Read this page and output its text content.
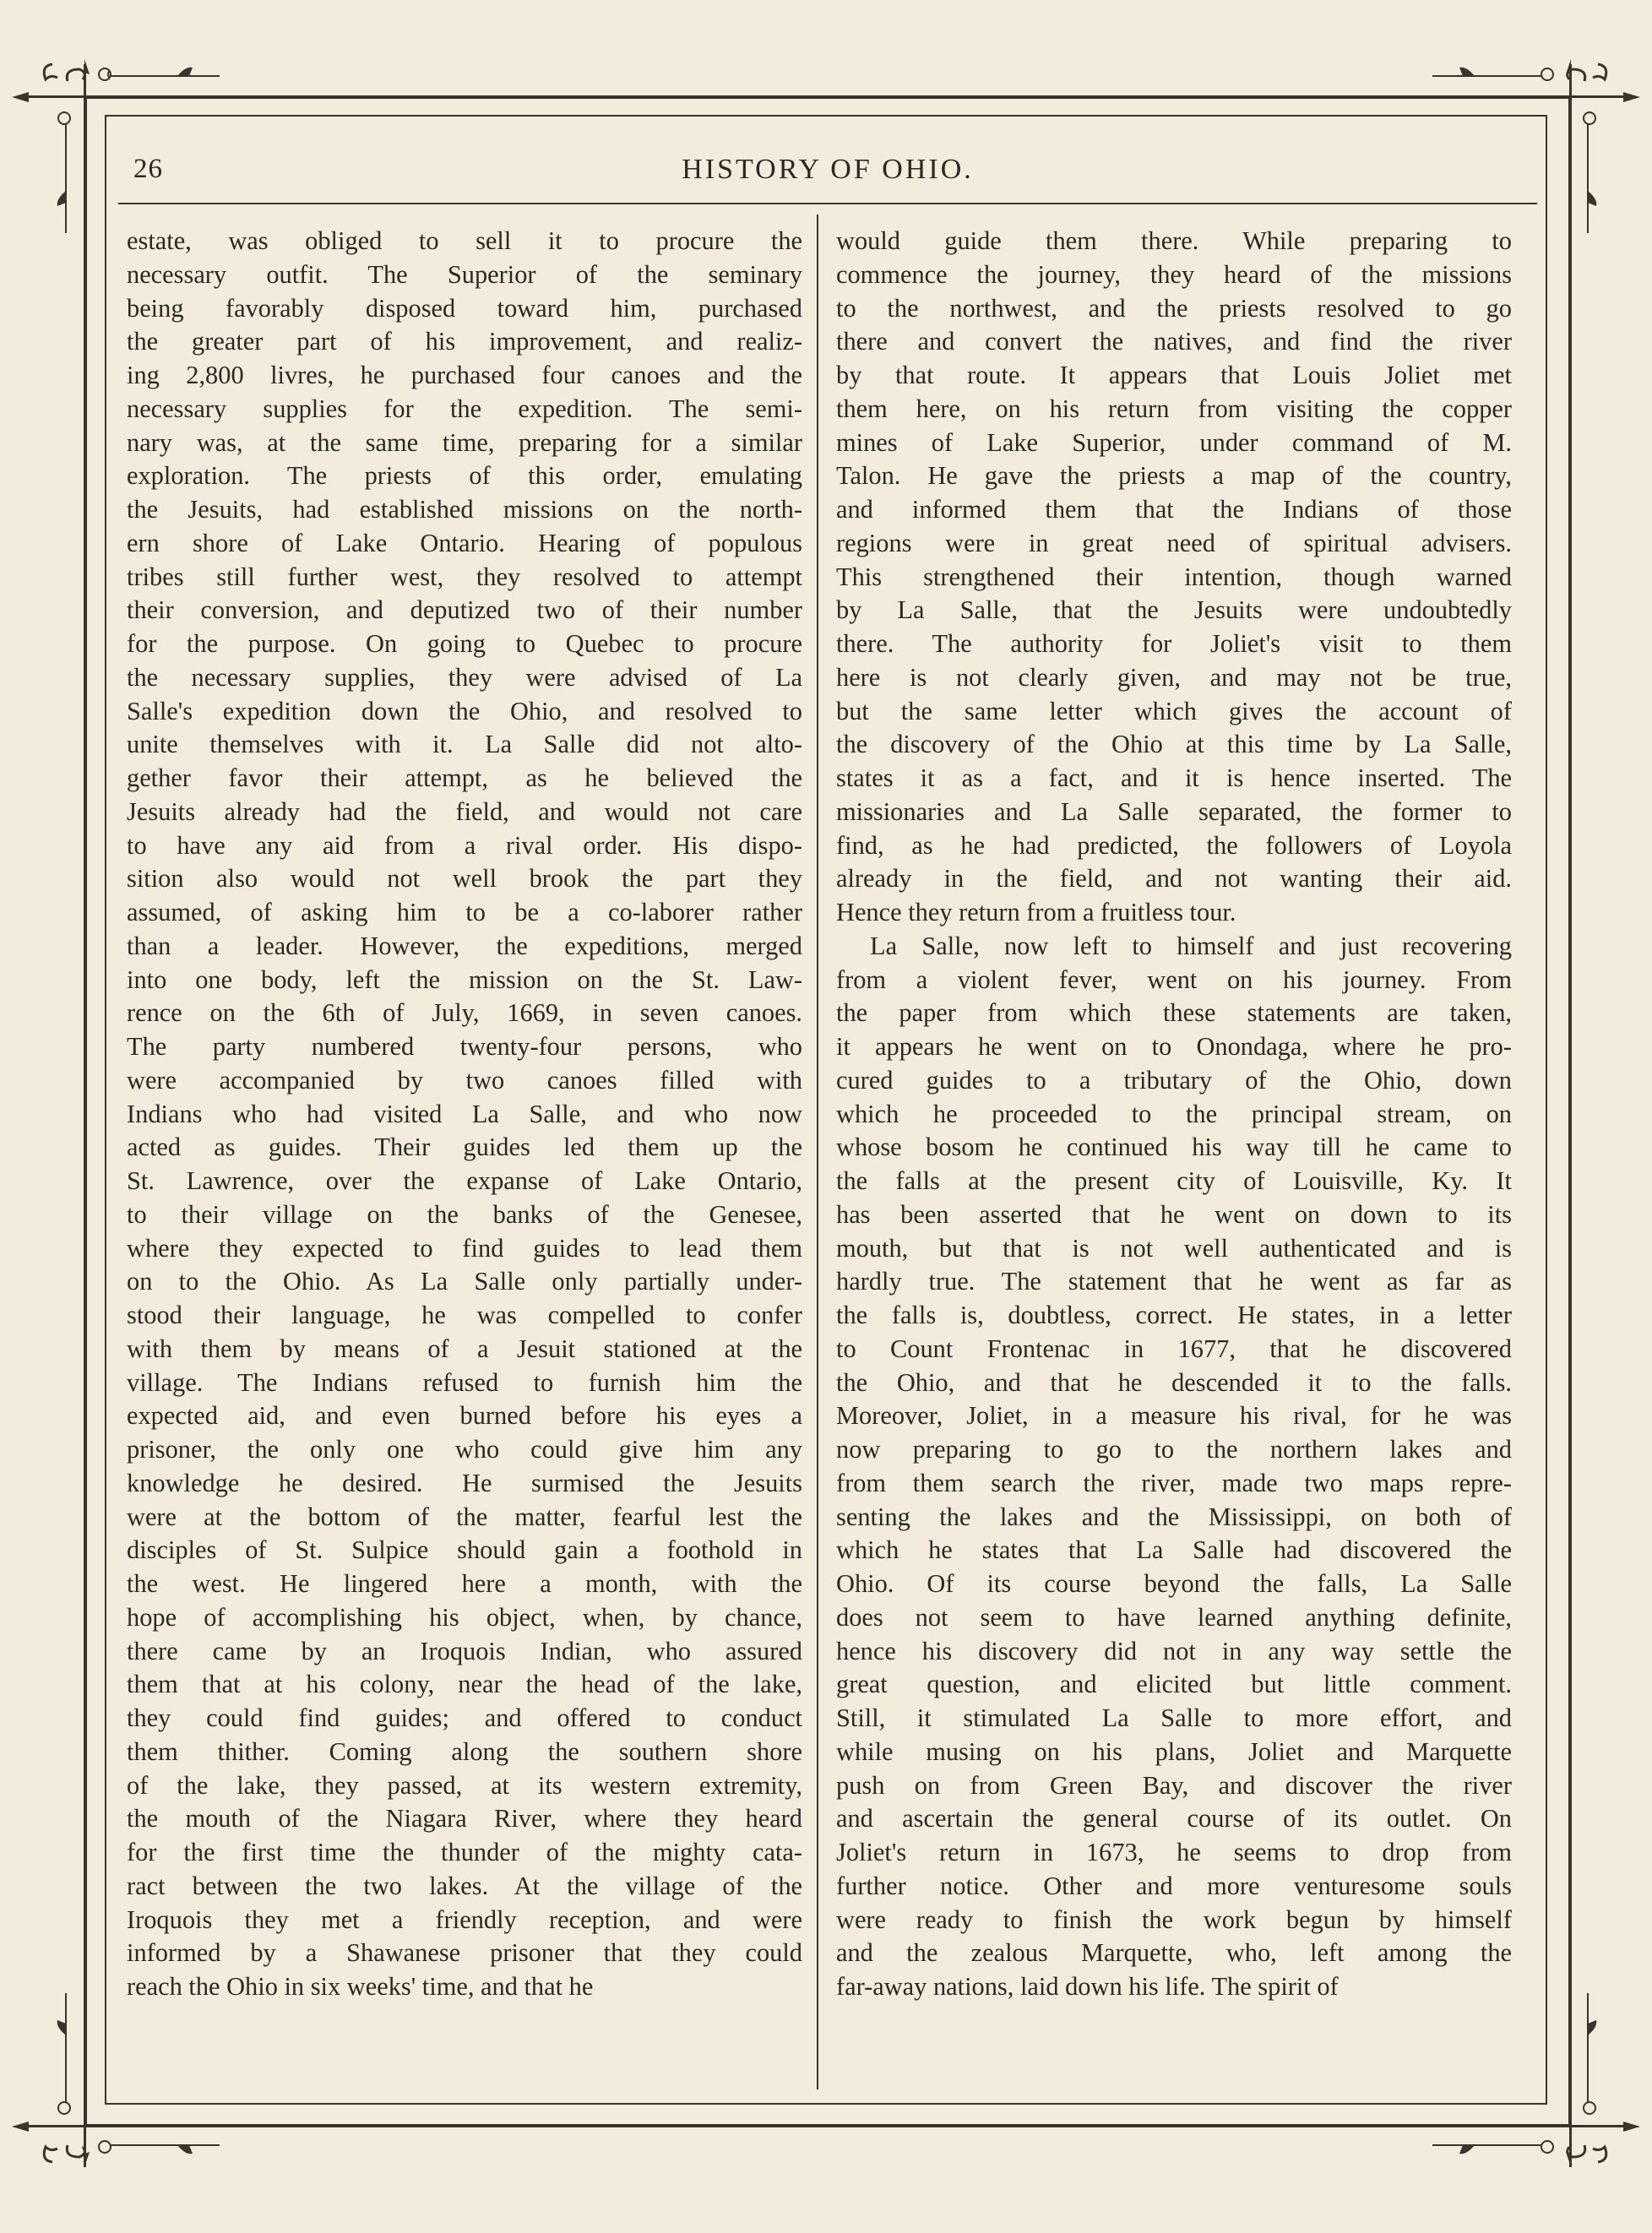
26	HISTORY OF OHIO.
estate, was obliged to sell it to procure the
necessary outfit. The Superior of the seminary
being favorably disposed toward him, purchased
the greater part of his improvement, and realiz-
ing 2,800 livres, he purchased four canoes and the
necessary supplies for the expedition. The semi-
nary was, at the same time, preparing for a similar
exploration. The priests of this order, emulating
the Jesuits, had established missions on the north-
ern shore of Lake Ontario. Hearing of populous
tribes still further west, they resolved to attempt
their conversion, and deputized two of their number
for the purpose. On going to Quebec to procure
the necessary supplies, they were advised of La
Salle's expedition down the Ohio, and resolved to
unite themselves with it. La Salle did not alto-
gether favor their attempt, as he believed the
Jesuits already had the field, and would not care
to have any aid from a rival order. His dispo-
sition also would not well brook the part they
assumed, of asking him to be a co-laborer rather
than a leader. However, the expeditions, merged
into one body, left the mission on the St. Law-
rence on the 6th of July, 1669, in seven canoes.
The party numbered twenty-four persons, who
were accompanied by two canoes filled with
Indians who had visited La Salle, and who now
acted as guides. Their guides led them up the
St. Lawrence, over the expanse of Lake Ontario,
to their village on the banks of the Genesee,
where they expected to find guides to lead them
on to the Ohio. As La Salle only partially under-
stood their language, he was compelled to confer
with them by means of a Jesuit stationed at the
village. The Indians refused to furnish him the
expected aid, and even burned before his eyes a
prisoner, the only one who could give him any
knowledge he desired. He surmised the Jesuits
were at the bottom of the matter, fearful lest the
disciples of St. Sulpice should gain a foothold in
the west. He lingered here a month, with the
hope of accomplishing his object, when, by chance,
there came by an Iroquois Indian, who assured
them that at his colony, near the head of the lake,
they could find guides; and offered to conduct
them thither. Coming along the southern shore
of the lake, they passed, at its western extremity,
the mouth of the Niagara River, where they heard
for the first time the thunder of the mighty cata-
ract between the two lakes. At the village of the
Iroquois they met a friendly reception, and were
informed by a Shawanese prisoner that they could
reach the Ohio in six weeks' time, and that he
would guide them there. While preparing to
commence the journey, they heard of the missions
to the northwest, and the priests resolved to go
there and convert the natives, and find the river
by that route. It appears that Louis Joliet met
them here, on his return from visiting the copper
mines of Lake Superior, under command of M.
Talon. He gave the priests a map of the country,
and informed them that the Indians of those
regions were in great need of spiritual advisers.
This strengthened their intention, though warned
by La Salle, that the Jesuits were undoubtedly
there. The authority for Joliet's visit to them
here is not clearly given, and may not be true,
but the same letter which gives the account of
the discovery of the Ohio at this time by La Salle,
states it as a fact, and it is hence inserted. The
missionaries and La Salle separated, the former to
find, as he had predicted, the followers of Loyola
already in the field, and not wanting their aid.
Hence they return from a fruitless tour.
La Salle, now left to himself and just recovering
from a violent fever, went on his journey. From
the paper from which these statements are taken,
it appears he went on to Onondaga, where he pro-
cured guides to a tributary of the Ohio, down
which he proceeded to the principal stream, on
whose bosom he continued his way till he came to
the falls at the present city of Louisville, Ky. It
has been asserted that he went on down to its
mouth, but that is not well authenticated and is
hardly true. The statement that he went as far as
the falls is, doubtless, correct. He states, in a letter
to Count Frontenac in 1677, that he discovered
the Ohio, and that he descended it to the falls.
Moreover, Joliet, in a measure his rival, for he was
now preparing to go to the northern lakes and
from them search the river, made two maps repre-
senting the lakes and the Mississippi, on both of
which he states that La Salle had discovered the
Ohio. Of its course beyond the falls, La Salle
does not seem to have learned anything definite,
hence his discovery did not in any way settle the
great question, and elicited but little comment.
Still, it stimulated La Salle to more effort, and
while musing on his plans, Joliet and Marquette
push on from Green Bay, and discover the river
and ascertain the general course of its outlet. On
Joliet's return in 1673, he seems to drop from
further notice. Other and more venturesome souls
were ready to finish the work begun by himself
and the zealous Marquette, who, left among the
far-away nations, laid down his life. The spirit of
